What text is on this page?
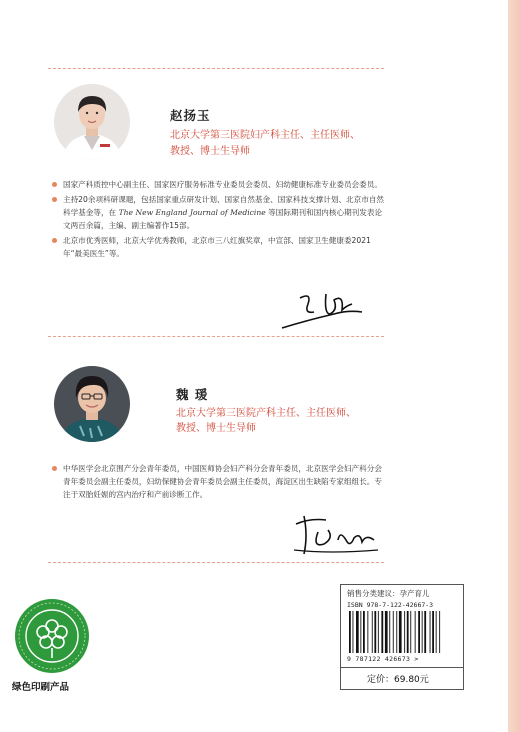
赵扬玉
北京大学第三医院妇产科主任、主任医师、
教授、博士生导师
国家产科质控中心副主任、国家医疗服务标准专业委员会委员、妇幼健康标准专业委员会委员。
主持20余项科研课题，包括国家重点研发计划、国家自然基金、国家科技支撑计划、北京市自然科学基金等，在 The New England Journal of Medicine 等国际期刊和国内核心期刊发表论文两百余篇，主编、副主编著作15部。
北京市优秀医师，北京大学优秀教师，北京市三八红旗奖章，中宣部、国家卫生健康委2021年“最美医生”等。
魏 瑗
北京大学第三医院产科主任、主任医师、
教授、博士生导师
中华医学会北京围产分会青年委员，中国医师协会妇产科分会青年委员，北京医学会妇产科分会青年委员会副主任委员，妇幼保健协会青年委员会副主任委员，海淀区出生缺陷专家组组长。专注于双胎妊娠的宫内治疗和产前诊断工作。
绿色印刷产品
销售分类建议：孕产育儿
ISBN 978-7-122-42667-3
9 787122 426673 >
定价：69.80元
